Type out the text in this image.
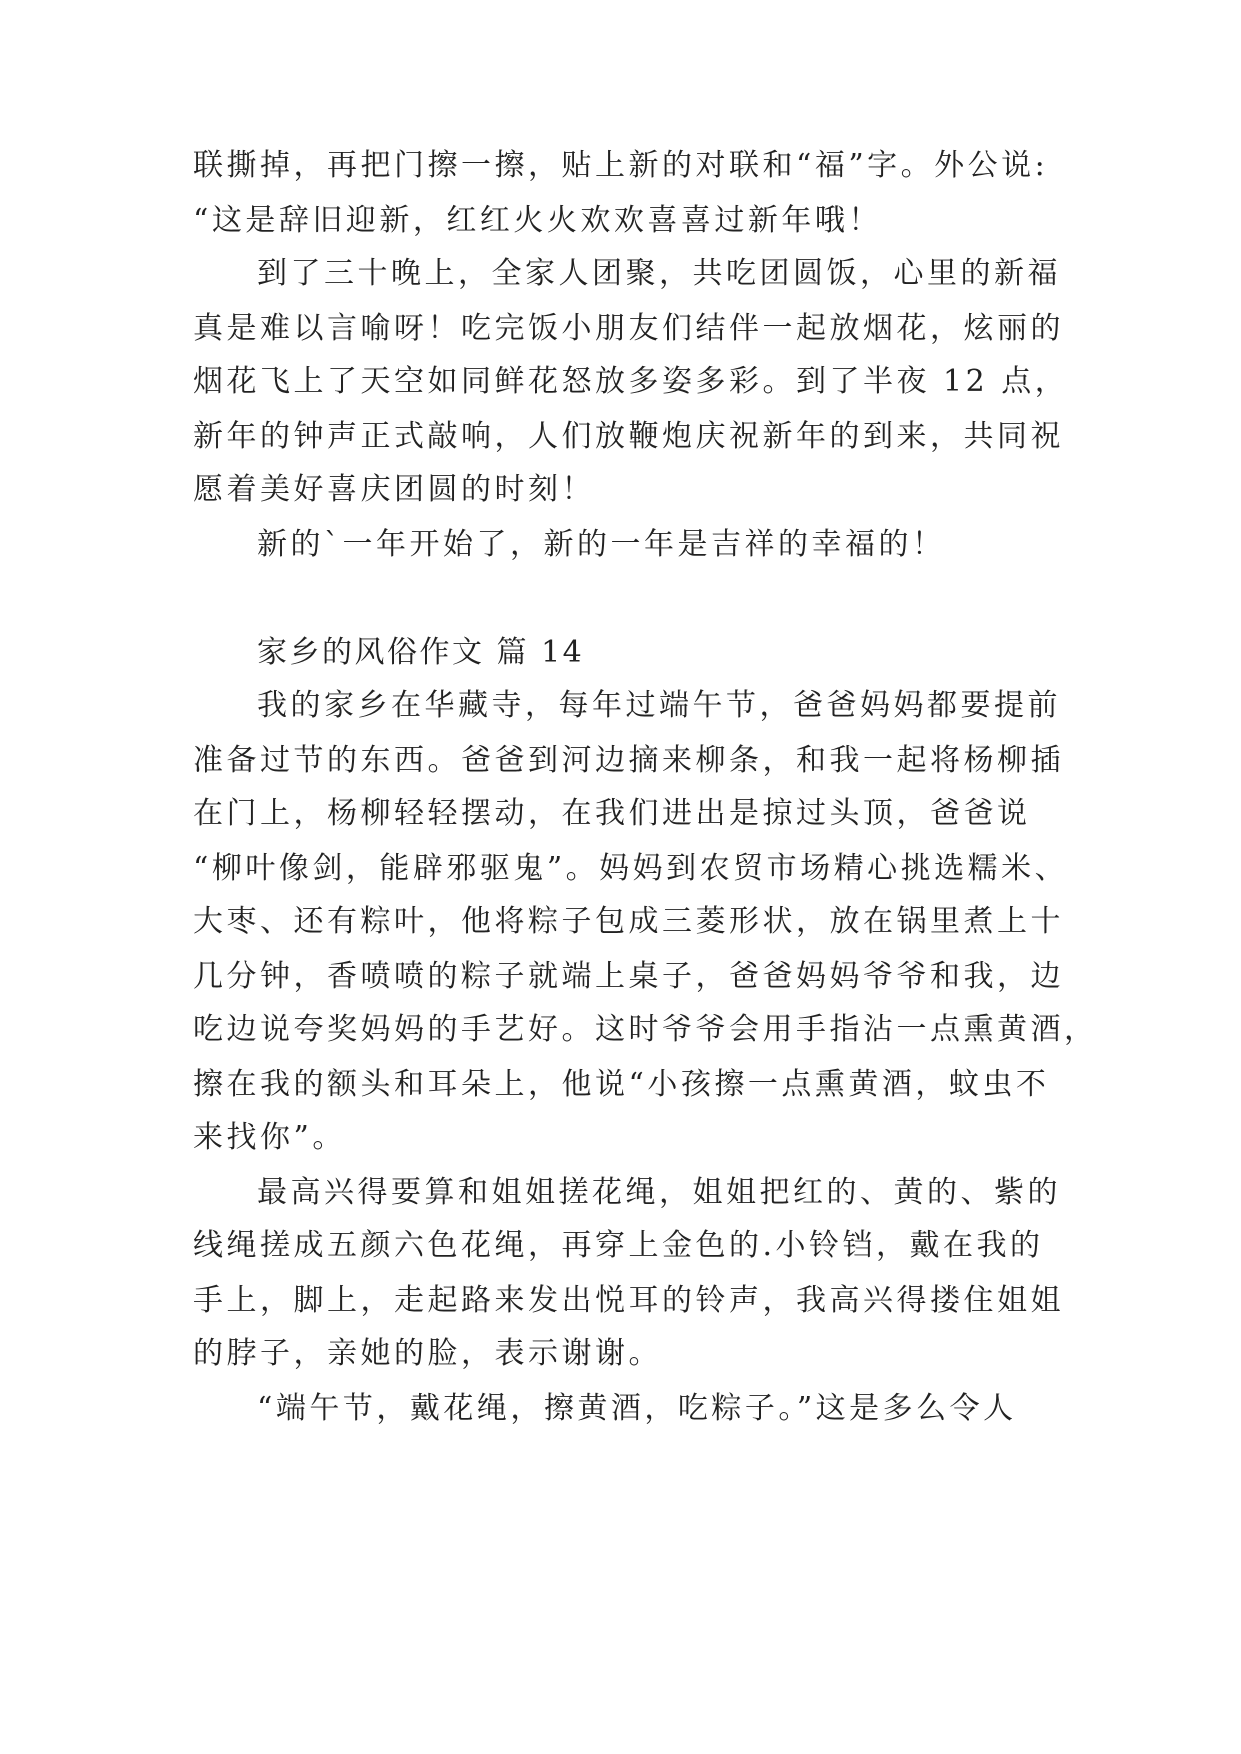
联撕掉，再把门擦一擦，贴上新的对联和“福”字。外公说:
“这是辞旧迎新，红红火火欢欢喜喜过新年哦！
到了三十晚上，全家人团聚，共吃团圆饭，心里的新福
真是难以言喻呀！吃完饭小朋友们结伴一起放烟花，炫丽的
烟花飞上了天空如同鲜花怒放多姿多彩。到了半夜 12 点，
新年的钟声正式敲响，人们放鞭炮庆祝新年的到来，共同祝
愿着美好喜庆团圆的时刻！
新的`一年开始了，新的一年是吉祥的幸福的！
家乡的风俗作文 篇 14
我的家乡在华藏寺，每年过端午节，爸爸妈妈都要提前
准备过节的东西。爸爸到河边摘来柳条，和我一起将杨柳插
在门上，杨柳轻轻摆动，在我们进出是掠过头顶，爸爸说
“柳叶像剑，能辟邪驱鬼”。妈妈到农贸市场精心挑选糯米、
大枣、还有粽叶，他将粽子包成三菱形状，放在锅里煮上十
几分钟，香喷喷的粽子就端上桌子，爸爸妈妈爷爷和我，边
吃边说夸奖妈妈的手艺好。这时爷爷会用手指沾一点熏黄酒，
擦在我的额头和耳朵上，他说“小孩擦一点熏黄酒，蚊虫不
来找你”。
最高兴得要算和姐姐搓花绳，姐姐把红的、黄的、紫的
线绳搓成五颜六色花绳，再穿上金色的.小铃铛，戴在我的
手上，脚上，走起路来发出悦耳的铃声，我高兴得搂住姐姐
的脖子，亲她的脸，表示谢谢。
“端午节，戴花绳，擦黄酒，吃粽子。”这是多么令人
